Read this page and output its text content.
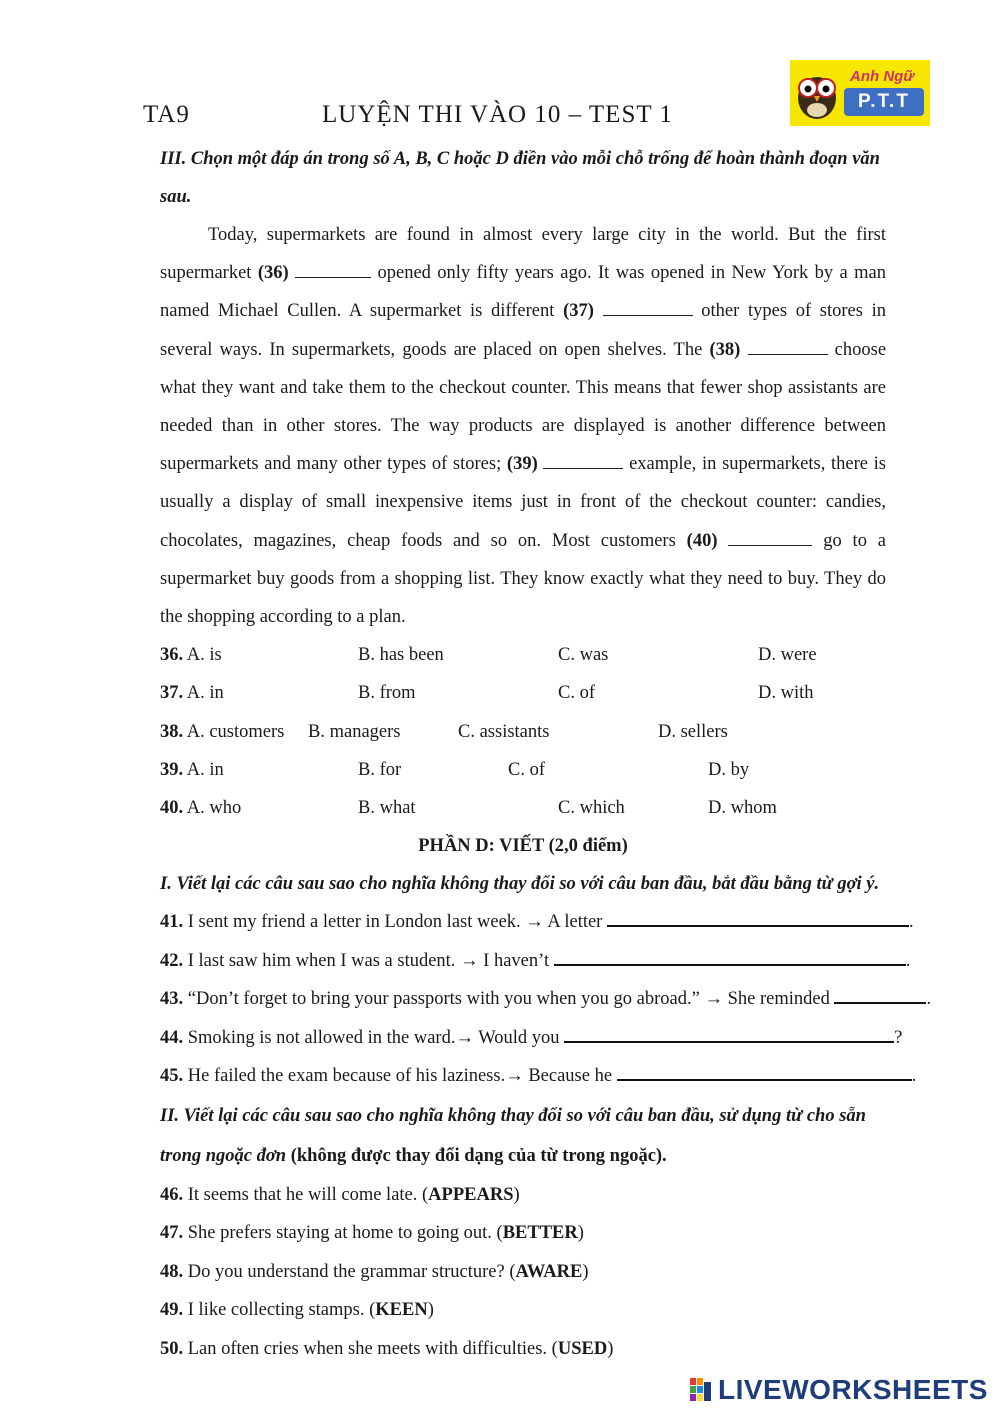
TA9	LUYỆN THI VÀO 10 – TEST 1
Anh Ngữ
P.T.T

III. Chọn một đáp án trong số A, B, C hoặc D điền vào mỗi chỗ trống để hoàn thành đoạn văn sau.

Today, supermarkets are found in almost every large city in the world. But the first supermarket (36)	opened only fifty years ago. It was opened in New York by a man named Michael Cullen. A supermarket is different (37)	other types of stores in several ways. In supermarkets, goods are placed on open shelves. The (38)	choose what they want and take them to the checkout counter. This means that fewer shop assistants are needed than in other stores. The way products are displayed is another difference between supermarkets and many other types of stores; (39)	example, in supermarkets, there is usually a display of small inexpensive items just in front of the checkout counter: candies, chocolates, magazines, cheap foods and so on. Most customers (40)	go to a supermarket buy goods from a shopping list. They know exactly what they need to buy. They do the shopping according to a plan.

36. A. is	B. has been	C. was	D. were
37. A. in	B. from	C. of	D. with
38. A. customers B. managers	C. assistants	D. sellers
39. A. in	B. for	C. of	D. by
40. A. who	B. what	C. which	D. whom

PHẦN D: VIẾT (2,0 điểm)

I. Viết lại các câu sau sao cho nghĩa không thay đổi so với câu ban đầu, bắt đầu bằng từ gợi ý.

41. I sent my friend a letter in London last week. → A letter	.

42. I last saw him when I was a student. → I haven’t	.

43. “Don’t forget to bring your passports with you when you go abroad.” → She reminded	.

44. Smoking is not allowed in the ward.→ Would you	?

45. He failed the exam because of his laziness.→ Because he	.

II. Viết lại các câu sau sao cho nghĩa không thay đổi so với câu ban đầu, sử dụng từ cho sẵn trong ngoặc đơn (không được thay đổi dạng của từ trong ngoặc).

46. It seems that he will come late. (APPEARS)

47. She prefers staying at home to going out. (BETTER)

48. Do you understand the grammar structure? (AWARE)

49. I like collecting stamps. (KEEN)

50. Lan often cries when she meets with difficulties. (USED)

LIVEWORKSHEETS
